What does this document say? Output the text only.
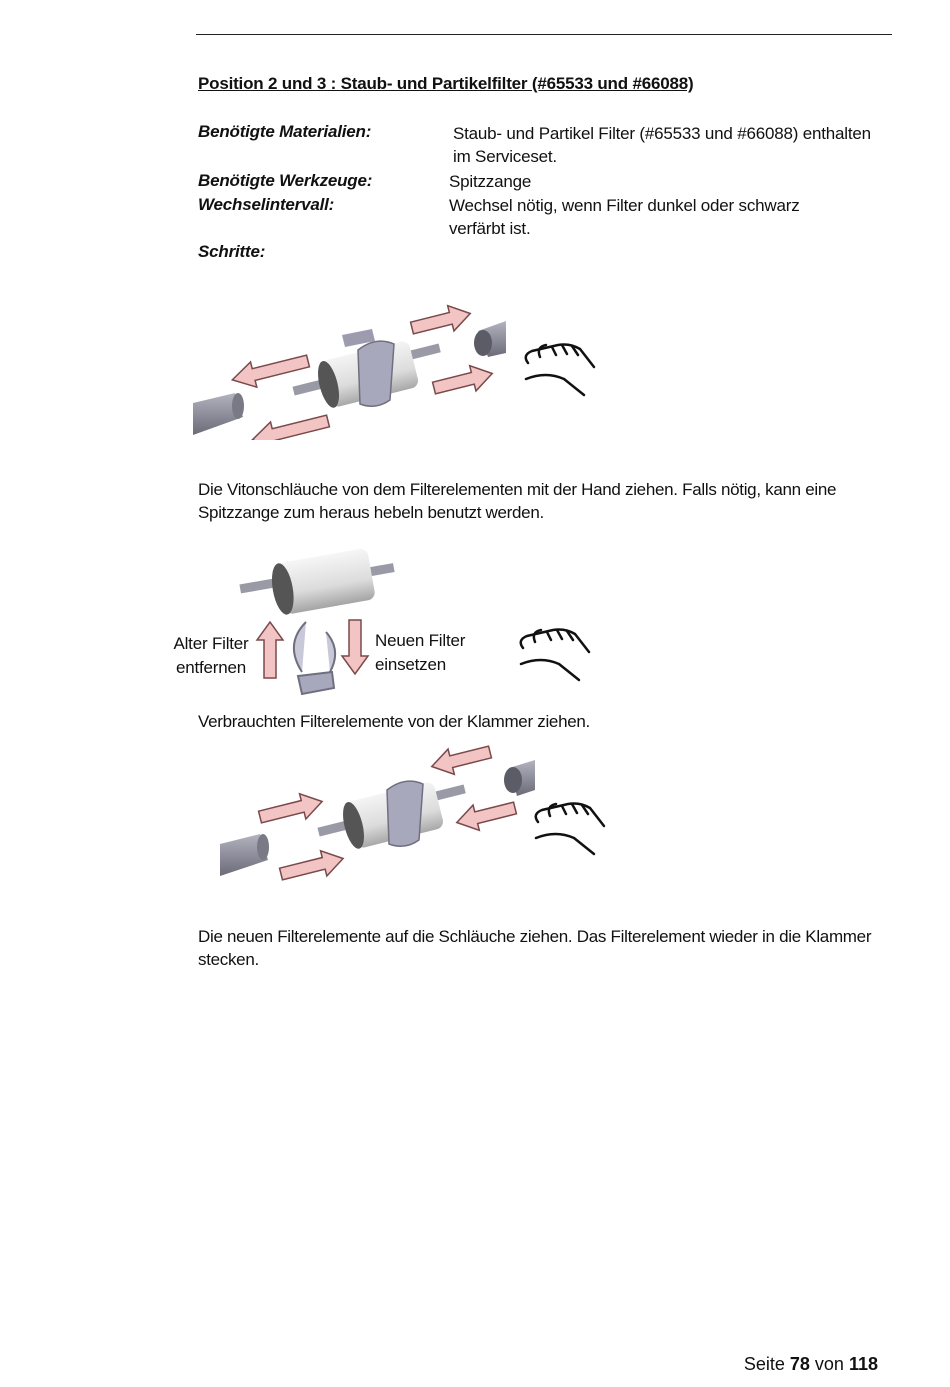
Position 2 und 3 : Staub- und Partikelfilter (#65533 und #66088)
Benötigte Materialien:	Staub- und Partikel Filter (#65533 und #66088) enthalten im Serviceset.
Benötigte Werkzeuge:	Spitzzange
Wechselintervall:	Wechsel nötig, wenn Filter dunkel oder schwarz verfärbt ist.
Schritte:
Die Vitonschläuche von dem Filterelementen mit der Hand ziehen. Falls nötig, kann eine Spitzzange zum heraus hebeln benutzt werden.
Alter Filter entfernen
Neuen Filter einsetzen
Verbrauchten Filterelemente von der Klammer ziehen.
Die neuen Filterelemente auf die Schläuche ziehen. Das Filterelement wieder in die Klammer stecken.
Seite 78 von 118
